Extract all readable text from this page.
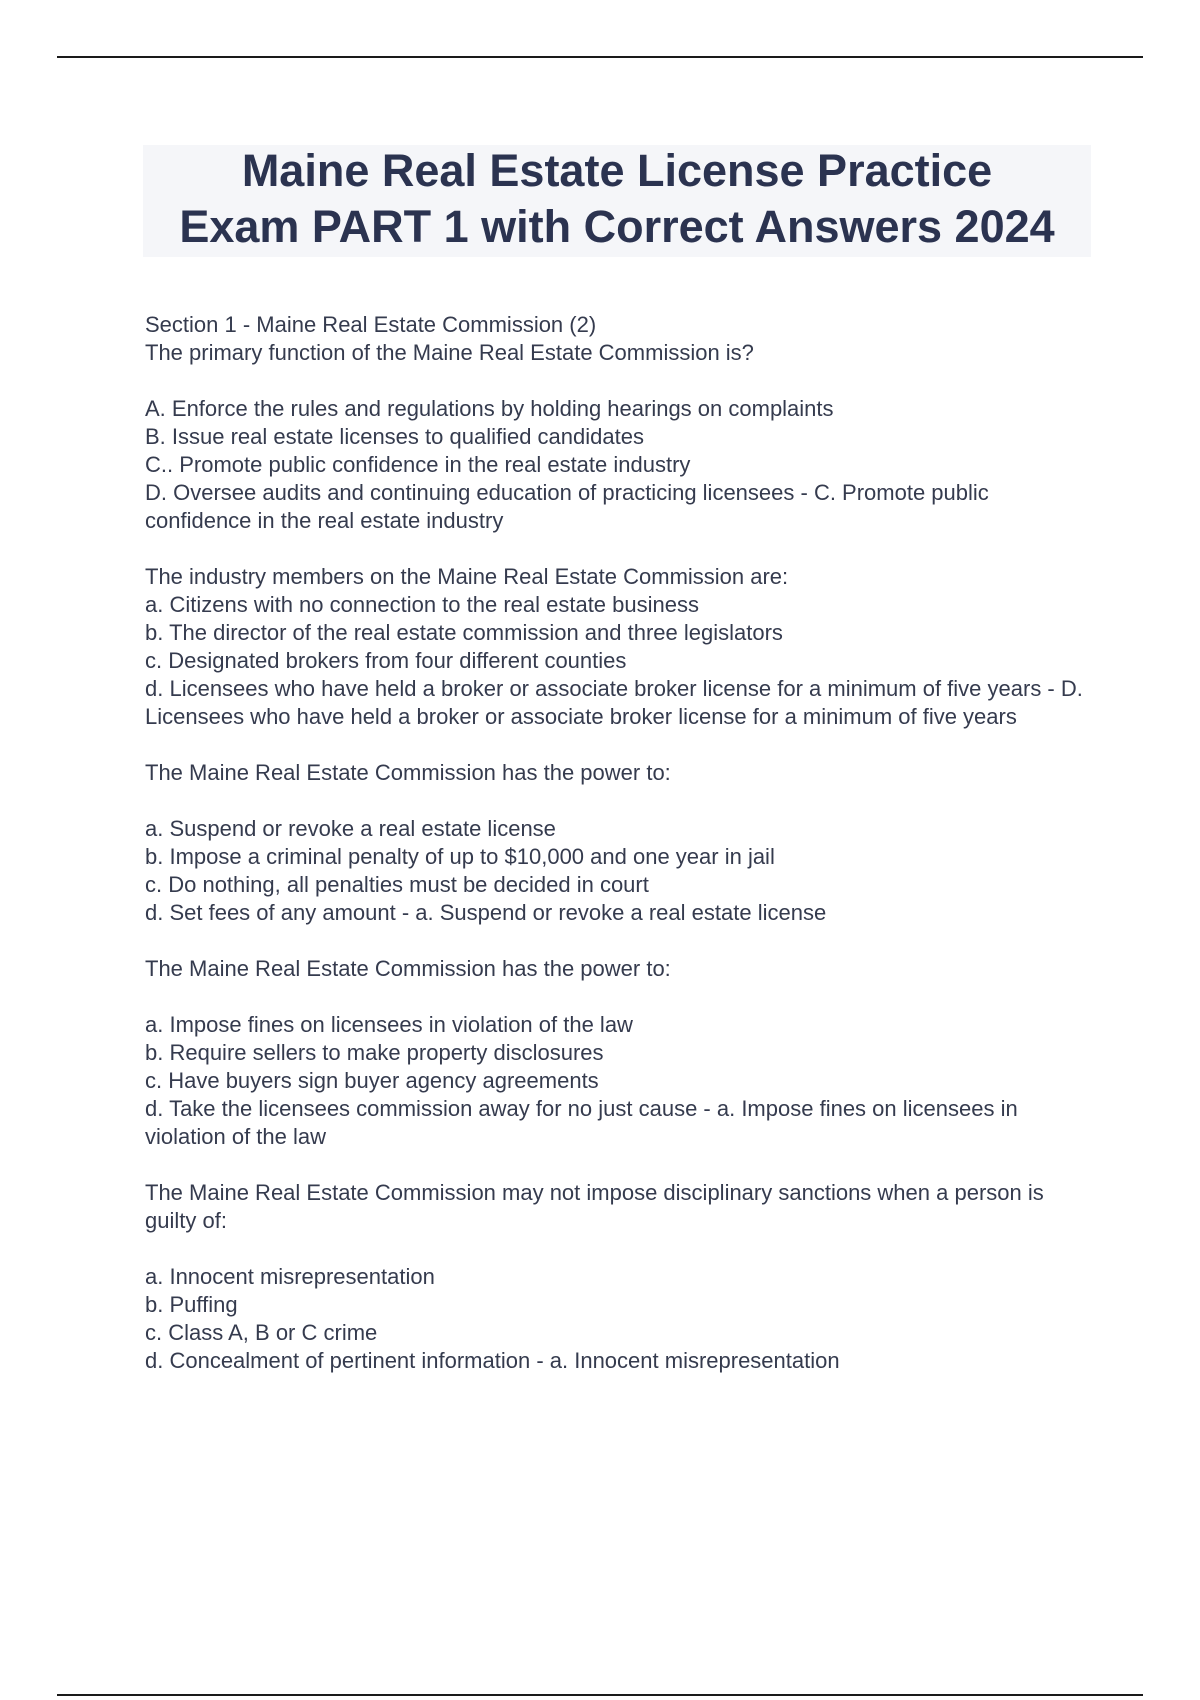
Maine Real Estate License Practice
Exam PART 1 with Correct Answers 2024

Section 1 - Maine Real Estate Commission (2)

The primary function of the Maine Real Estate Commission is?

A. Enforce the rules and regulations by holding hearings on complaints

B. Issue real estate licenses to qualified candidates

C.. Promote public confidence in the real estate industry

D. Oversee audits and continuing education of practicing licensees - C. Promote public confidence in the real estate industry

The industry members on the Maine Real Estate Commission are:

a. Citizens with no connection to the real estate business

b. The director of the real estate commission and three legislators

c. Designated brokers from four different counties

d. Licensees who have held a broker or associate broker license for a minimum of five years - D. Licensees who have held a broker or associate broker license for a minimum of five years

The Maine Real Estate Commission has the power to:

a. Suspend or revoke a real estate license

b. Impose a criminal penalty of up to $10,000 and one year in jail

c. Do nothing, all penalties must be decided in court

d. Set fees of any amount - a. Suspend or revoke a real estate license

The Maine Real Estate Commission has the power to:

a. Impose fines on licensees in violation of the law

b. Require sellers to make property disclosures

c. Have buyers sign buyer agency agreements

d. Take the licensees commission away for no just cause - a. Impose fines on licensees in violation of the law

The Maine Real Estate Commission may not impose disciplinary sanctions when a person is guilty of:

a. Innocent misrepresentation

b. Puffing

c. Class A, B or C crime

d. Concealment of pertinent information - a. Innocent misrepresentation
